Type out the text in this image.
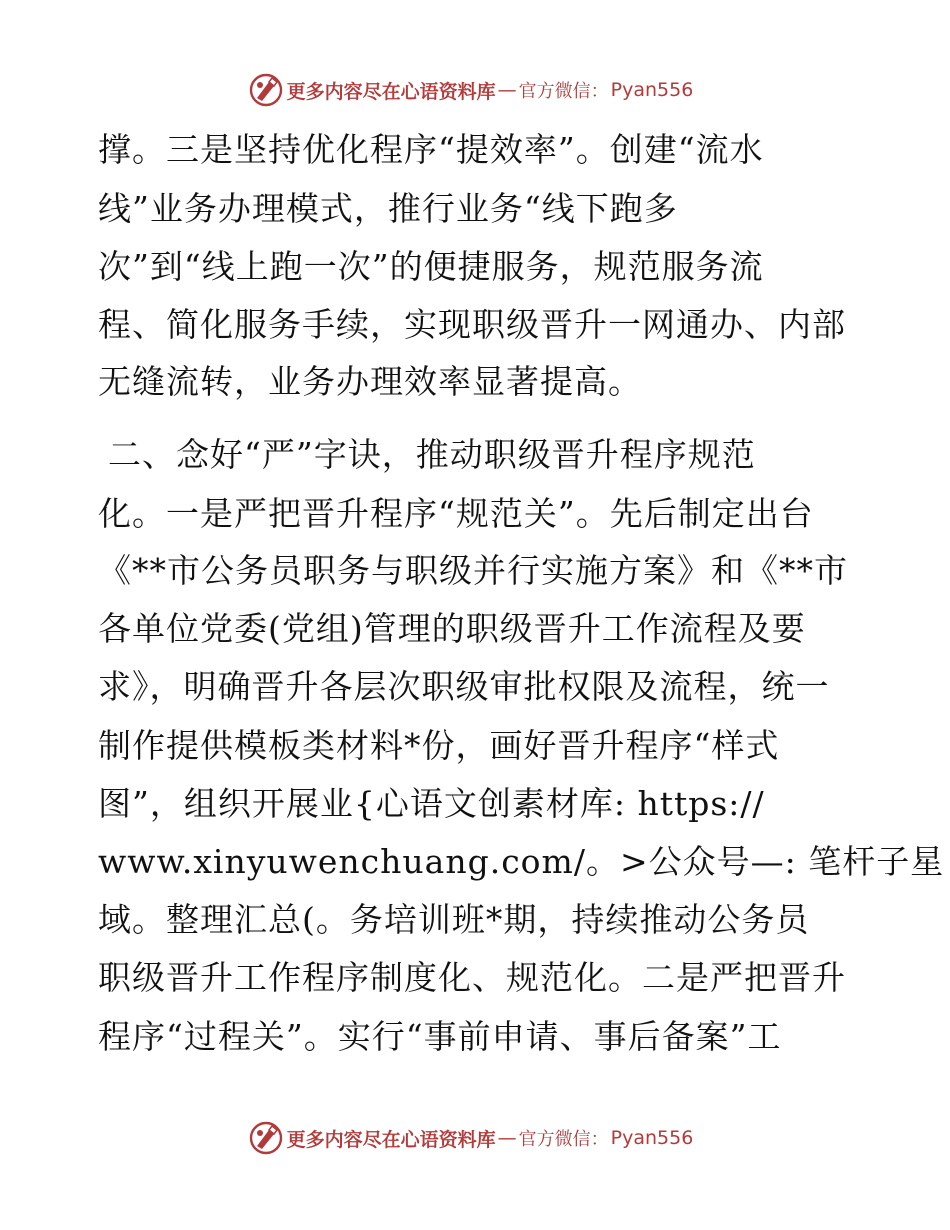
更多内容尽在心语资料库 — 官方微信： Pyan556
撑。三是坚持优化程序“提效率”。创建“流水
线”业务办理模式，推行业务“线下跑多
次”到“线上跑一次”的便捷服务，规范服务流
程、简化服务手续，实现职级晋升一网通办、内部
无缝流转，业务办理效率显著提高。
二、念好“严”字诀，推动职级晋升程序规范
化。一是严把晋升程序“规范关”。先后制定出台
《**市公务员职务与职级并行实施方案》和《**市
各单位党委(党组)管理的职级晋升工作流程及要
求》，明确晋升各层次职级审批权限及流程，统一
制作提供模板类材料*份，画好晋升程序“样式
图”，组织开展业{心语文创素材库: https://
www.xinyuwenchuang.com/。>公众号—: 笔杆子星
域。整理汇总(。务培训班*期，持续推动公务员
职级晋升工作程序制度化、规范化。二是严把晋升
程序“过程关”。实行“事前申请、事后备案”工
更多内容尽在心语资料库 — 官方微信： Pyan556
